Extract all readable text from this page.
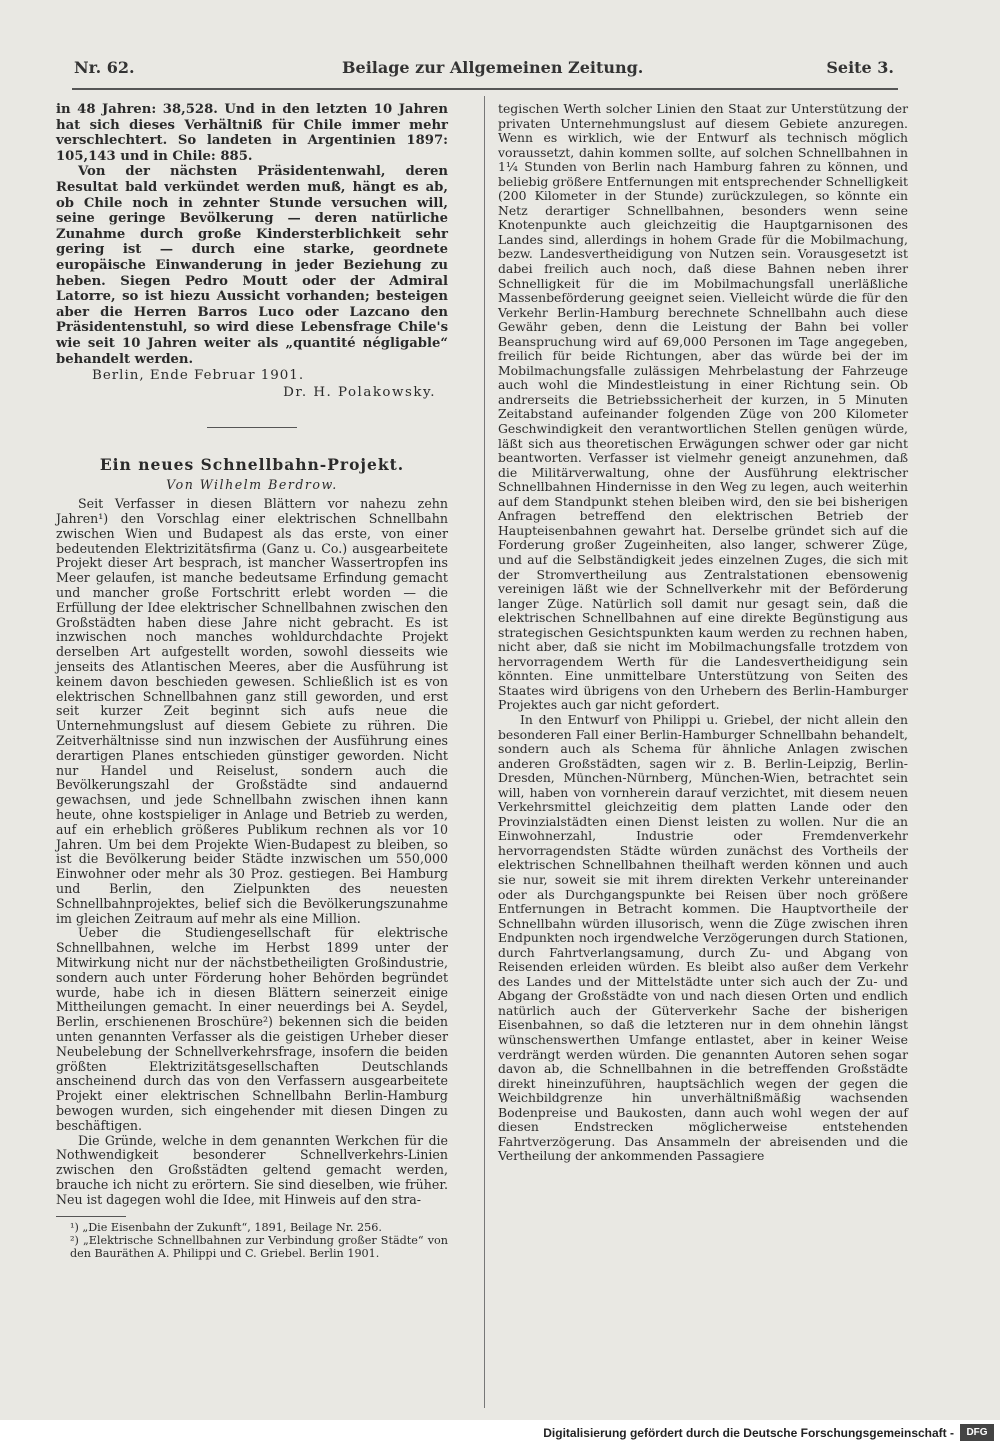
Nr. 62.	Beilage zur Allgemeinen Zeitung.	Seite 3.

in 48 Jahren: 38,528. Und in den letzten 10 Jahren hat sich dieses Verhältniß für Chile immer mehr verschlechtert. So landeten in Argentinien 1897: 105,143 und in Chile: 885.

Von der nächsten Präsidentenwahl, deren Resultat bald verkündet werden muß, hängt es ab, ob Chile noch in zehnter Stunde versuchen will, seine geringe Bevölkerung — deren natürliche Zunahme durch große Kindersterblichkeit sehr gering ist — durch eine starke, geordnete europäische Einwanderung in jeder Beziehung zu heben. Siegen Pedro Moutt oder der Admiral Latorre, so ist hiezu Aussicht vorhanden; besteigen aber die Herren Barros Luco oder Lazcano den Präsidentenstuhl, so wird diese Lebensfrage Chile's wie seit 10 Jahren weiter als „quantité négligable“ behandelt werden.

Berlin, Ende Februar 1901.

Dr. H. Polakowsky.

Ein neues Schnellbahn-Projekt.

Von Wilhelm Berdrow.

Seit Verfasser in diesen Blättern vor nahezu zehn Jahren¹) den Vorschlag einer elektrischen Schnellbahn zwischen Wien und Budapest als das erste, von einer bedeutenden Elektrizitätsfirma (Ganz u. Co.) ausgearbeitete Projekt dieser Art besprach, ist mancher Wassertropfen ins Meer gelaufen, ist manche bedeutsame Erfindung gemacht und mancher große Fortschritt erlebt worden — die Erfüllung der Idee elektrischer Schnellbahnen zwischen den Großstädten haben diese Jahre nicht gebracht. Es ist inzwischen noch manches wohldurchdachte Projekt derselben Art aufgestellt worden, sowohl diesseits wie jenseits des Atlantischen Meeres, aber die Ausführung ist keinem davon beschieden gewesen. Schließlich ist es von elektrischen Schnellbahnen ganz still geworden, und erst seit kurzer Zeit beginnt sich aufs neue die Unternehmungslust auf diesem Gebiete zu rühren. Die Zeitverhältnisse sind nun inzwischen der Ausführung eines derartigen Planes entschieden günstiger geworden. Nicht nur Handel und Reiselust, sondern auch die Bevölkerungszahl der Großstädte sind andauernd gewachsen, und jede Schnellbahn zwischen ihnen kann heute, ohne kostspieliger in Anlage und Betrieb zu werden, auf ein erheblich größeres Publikum rechnen als vor 10 Jahren. Um bei dem Projekte Wien-Budapest zu bleiben, so ist die Bevölkerung beider Städte inzwischen um 550,000 Einwohner oder mehr als 30 Proz. gestiegen. Bei Hamburg und Berlin, den Zielpunkten des neuesten Schnellbahnprojektes, belief sich die Bevölkerungszunahme im gleichen Zeitraum auf mehr als eine Million.

Ueber die Studiengesellschaft für elektrische Schnellbahnen, welche im Herbst 1899 unter der Mitwirkung nicht nur der nächstbetheiligten Großindustrie, sondern auch unter Förderung hoher Behörden begründet wurde, habe ich in diesen Blättern seinerzeit einige Mittheilungen gemacht. In einer neuerdings bei A. Seydel, Berlin, erschienenen Broschüre²) bekennen sich die beiden unten genannten Verfasser als die geistigen Urheber dieser Neubelebung der Schnellverkehrsfrage, insofern die beiden größten Elektrizitätsgesellschaften Deutschlands anscheinend durch das von den Verfassern ausgearbeitete Projekt einer elektrischen Schnellbahn Berlin-Hamburg bewogen wurden, sich eingehender mit diesen Dingen zu beschäftigen.

Die Gründe, welche in dem genannten Werkchen für die Nothwendigkeit besonderer Schnellverkehrs-Linien zwischen den Großstädten geltend gemacht werden, brauche ich nicht zu erörtern. Sie sind dieselben, wie früher. Neu ist dagegen wohl die Idee, mit Hinweis auf den stra-

¹) „Die Eisenbahn der Zukunft“, 1891, Beilage Nr. 256.

²) „Elektrische Schnellbahnen zur Verbindung großer Städte“ von den Bauräthen A. Philippi und C. Griebel. Berlin 1901.

tegischen Werth solcher Linien den Staat zur Unterstützung der privaten Unternehmungslust auf diesem Gebiete anzuregen. Wenn es wirklich, wie der Entwurf als technisch möglich voraussetzt, dahin kommen sollte, auf solchen Schnellbahnen in 1¼ Stunden von Berlin nach Hamburg fahren zu können, und beliebig größere Entfernungen mit entsprechender Schnelligkeit (200 Kilometer in der Stunde) zurückzulegen, so könnte ein Netz derartiger Schnellbahnen, besonders wenn seine Knotenpunkte auch gleichzeitig die Hauptgarnisonen des Landes sind, allerdings in hohem Grade für die Mobilmachung, bezw. Landesvertheidigung von Nutzen sein. Vorausgesetzt ist dabei freilich auch noch, daß diese Bahnen neben ihrer Schnelligkeit für die im Mobilmachungsfall unerläßliche Massenbeförderung geeignet seien. Vielleicht würde die für den Verkehr Berlin-Hamburg berechnete Schnellbahn auch diese Gewähr geben, denn die Leistung der Bahn bei voller Beanspruchung wird auf 69,000 Personen im Tage angegeben, freilich für beide Richtungen, aber das würde bei der im Mobilmachungsfalle zulässigen Mehrbelastung der Fahrzeuge auch wohl die Mindestleistung in einer Richtung sein. Ob andrerseits die Betriebssicherheit der kurzen, in 5 Minuten Zeitabstand aufeinander folgenden Züge von 200 Kilometer Geschwindigkeit den verantwortlichen Stellen genügen würde, läßt sich aus theoretischen Erwägungen schwer oder gar nicht beantworten. Verfasser ist vielmehr geneigt anzunehmen, daß die Militärverwaltung, ohne der Ausführung elektrischer Schnellbahnen Hindernisse in den Weg zu legen, auch weiterhin auf dem Standpunkt stehen bleiben wird, den sie bei bisherigen Anfragen betreffend den elektrischen Betrieb der Haupteisenbahnen gewahrt hat. Derselbe gründet sich auf die Forderung großer Zugeinheiten, also langer, schwerer Züge, und auf die Selbständigkeit jedes einzelnen Zuges, die sich mit der Stromvertheilung aus Zentralstationen ebensowenig vereinigen läßt wie der Schnellverkehr mit der Beförderung langer Züge. Natürlich soll damit nur gesagt sein, daß die elektrischen Schnellbahnen auf eine direkte Begünstigung aus strategischen Gesichtspunkten kaum werden zu rechnen haben, nicht aber, daß sie nicht im Mobilmachungsfalle trotzdem von hervorragendem Werth für die Landesvertheidigung sein könnten. Eine unmittelbare Unterstützung von Seiten des Staates wird übrigens von den Urhebern des Berlin-Hamburger Projektes auch gar nicht gefordert.

In den Entwurf von Philippi u. Griebel, der nicht allein den besonderen Fall einer Berlin-Hamburger Schnellbahn behandelt, sondern auch als Schema für ähnliche Anlagen zwischen anderen Großstädten, sagen wir z. B. Berlin-Leipzig, Berlin-Dresden, München-Nürnberg, München-Wien, betrachtet sein will, haben von vornherein darauf verzichtet, mit diesem neuen Verkehrsmittel gleichzeitig dem platten Lande oder den Provinzialstädten einen Dienst leisten zu wollen. Nur die an Einwohnerzahl, Industrie oder Fremdenverkehr hervorragendsten Städte würden zunächst des Vortheils der elektrischen Schnellbahnen theilhaft werden können und auch sie nur, soweit sie mit ihrem direkten Verkehr untereinander oder als Durchgangspunkte bei Reisen über noch größere Entfernungen in Betracht kommen. Die Hauptvortheile der Schnellbahn würden illusorisch, wenn die Züge zwischen ihren Endpunkten noch irgendwelche Verzögerungen durch Stationen, durch Fahrtverlangsamung, durch Zu- und Abgang von Reisenden erleiden würden. Es bleibt also außer dem Verkehr des Landes und der Mittelstädte unter sich auch der Zu- und Abgang der Großstädte von und nach diesen Orten und endlich natürlich auch der Güterverkehr Sache der bisherigen Eisenbahnen, so daß die letzteren nur in dem ohnehin längst wünschenswerthen Umfange entlastet, aber in keiner Weise verdrängt werden würden. Die genannten Autoren sehen sogar davon ab, die Schnellbahnen in die betreffenden Großstädte direkt hineinzuführen, hauptsächlich wegen der gegen die Weichbildgrenze hin unverhältnißmäßig wachsenden Bodenpreise und Baukosten, dann auch wohl wegen der auf diesen Endstrecken möglicherweise entstehenden Fahrtverzögerung. Das Ansammeln der abreisenden und die Vertheilung der ankommenden Passagiere

Digitalisierung gefördert durch die Deutsche Forschungsgemeinschaft -	DFG
